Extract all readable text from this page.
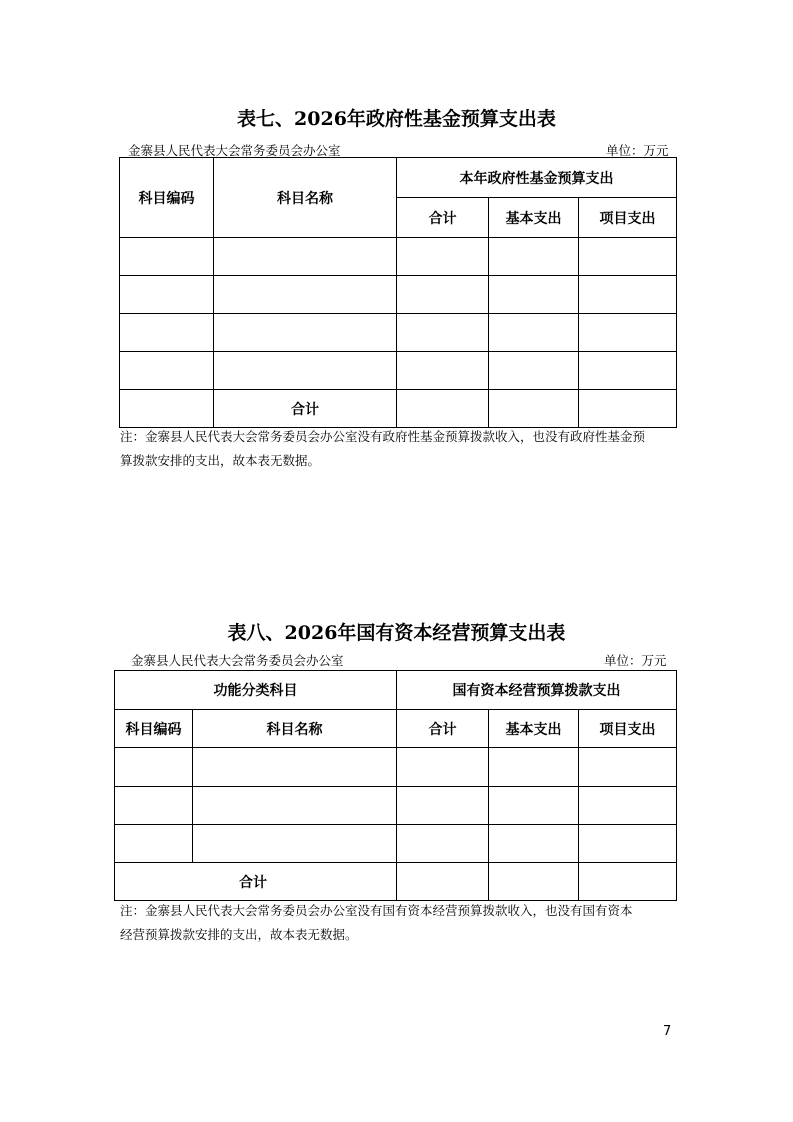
表七、2026年政府性基金预算支出表
金寨县人民代表大会常务委员会办公室	单位：万元
科目编码	科目名称	本年政府性基金预算支出		
		合计	基本支出	项目支出

	合计			
注：金寨县人民代表大会常务委员会办公室没有政府性基金预算拨款收入，也没有政府性基金预
算拨款安排的支出，故本表无数据。
表八、2026年国有资本经营预算支出表
金寨县人民代表大会常务委员会办公室	单位：万元
功能分类科目		国有资本经营预算拨款支出		
科目编码	科目名称	合计	基本支出	项目支出

合计				
注：金寨县人民代表大会常务委员会办公室没有国有资本经营预算拨款收入，也没有国有资本
经营预算拨款安排的支出，故本表无数据。
7
